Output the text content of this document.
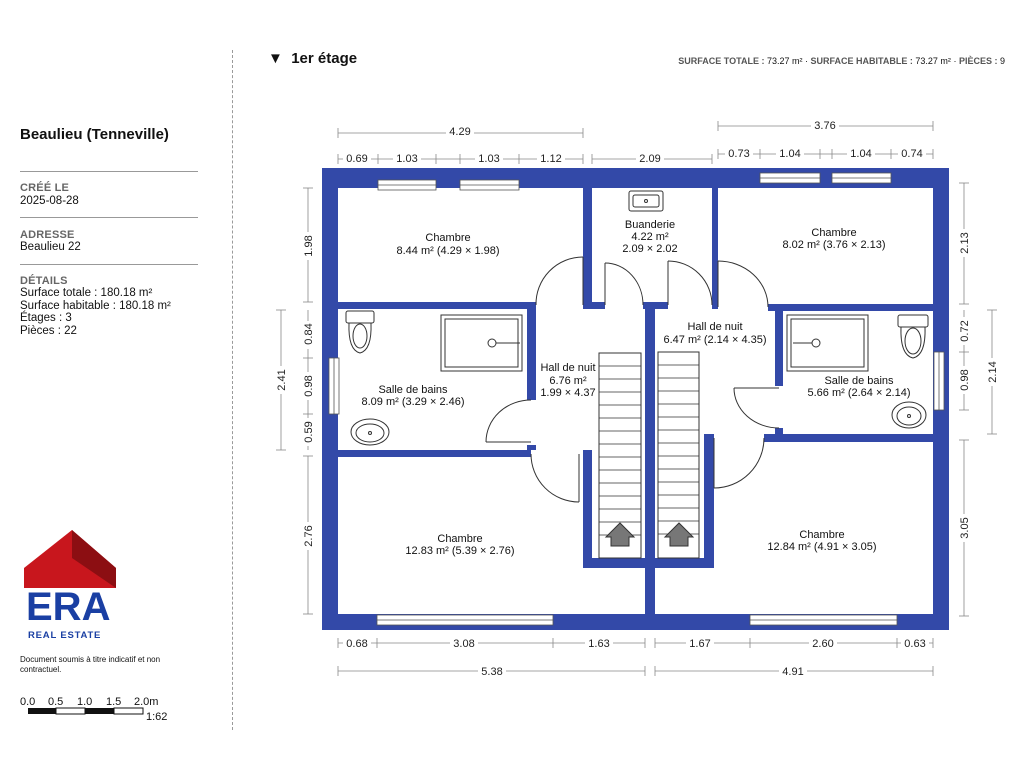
Beaulieu (Tenneville)
CRÉÉ LE
2025-08-28
ADRESSE
Beaulieu 22
DÉTAILS
Surface totale : 180.18 m²
Surface habitable : 180.18 m²
Étages : 3
Pièces : 22
ERA
REAL ESTATE
Document soumis à titre indicatif et non contractuel.
0.0 0.5 1.0 1.5 2.0m
1:62
▼ 1er étage	SURFACE TOTALE : 73.27 m² · SURFACE HABITABLE : 73.27 m² · PIÈCES : 9
4.29
0.69	1.03	1.03	1.12	2.09
3.76
0.73	1.04	1.04	0.74
1.98
2.41
0.84
0.98
0.59
2.76
2.13
0.72
0.98 2.14
3.05
0.68	3.08	1.63	1.67	2.60	0.63
5.38	4.91
Chambre
8.44 m² (4.29 × 1.98)
Buanderie
4.22 m²
2.09 × 2.02
Chambre
8.02 m² (3.76 × 2.13)
Salle de bains
8.09 m² (3.29 × 2.46)
Hall de nuit
6.76 m²
1.99 × 4.37
Hall de nuit
6.47 m² (2.14 × 4.35)
Salle de bains
5.66 m² (2.64 × 2.14)
Chambre
12.83 m² (5.39 × 2.76)
Chambre
12.84 m² (4.91 × 3.05)
